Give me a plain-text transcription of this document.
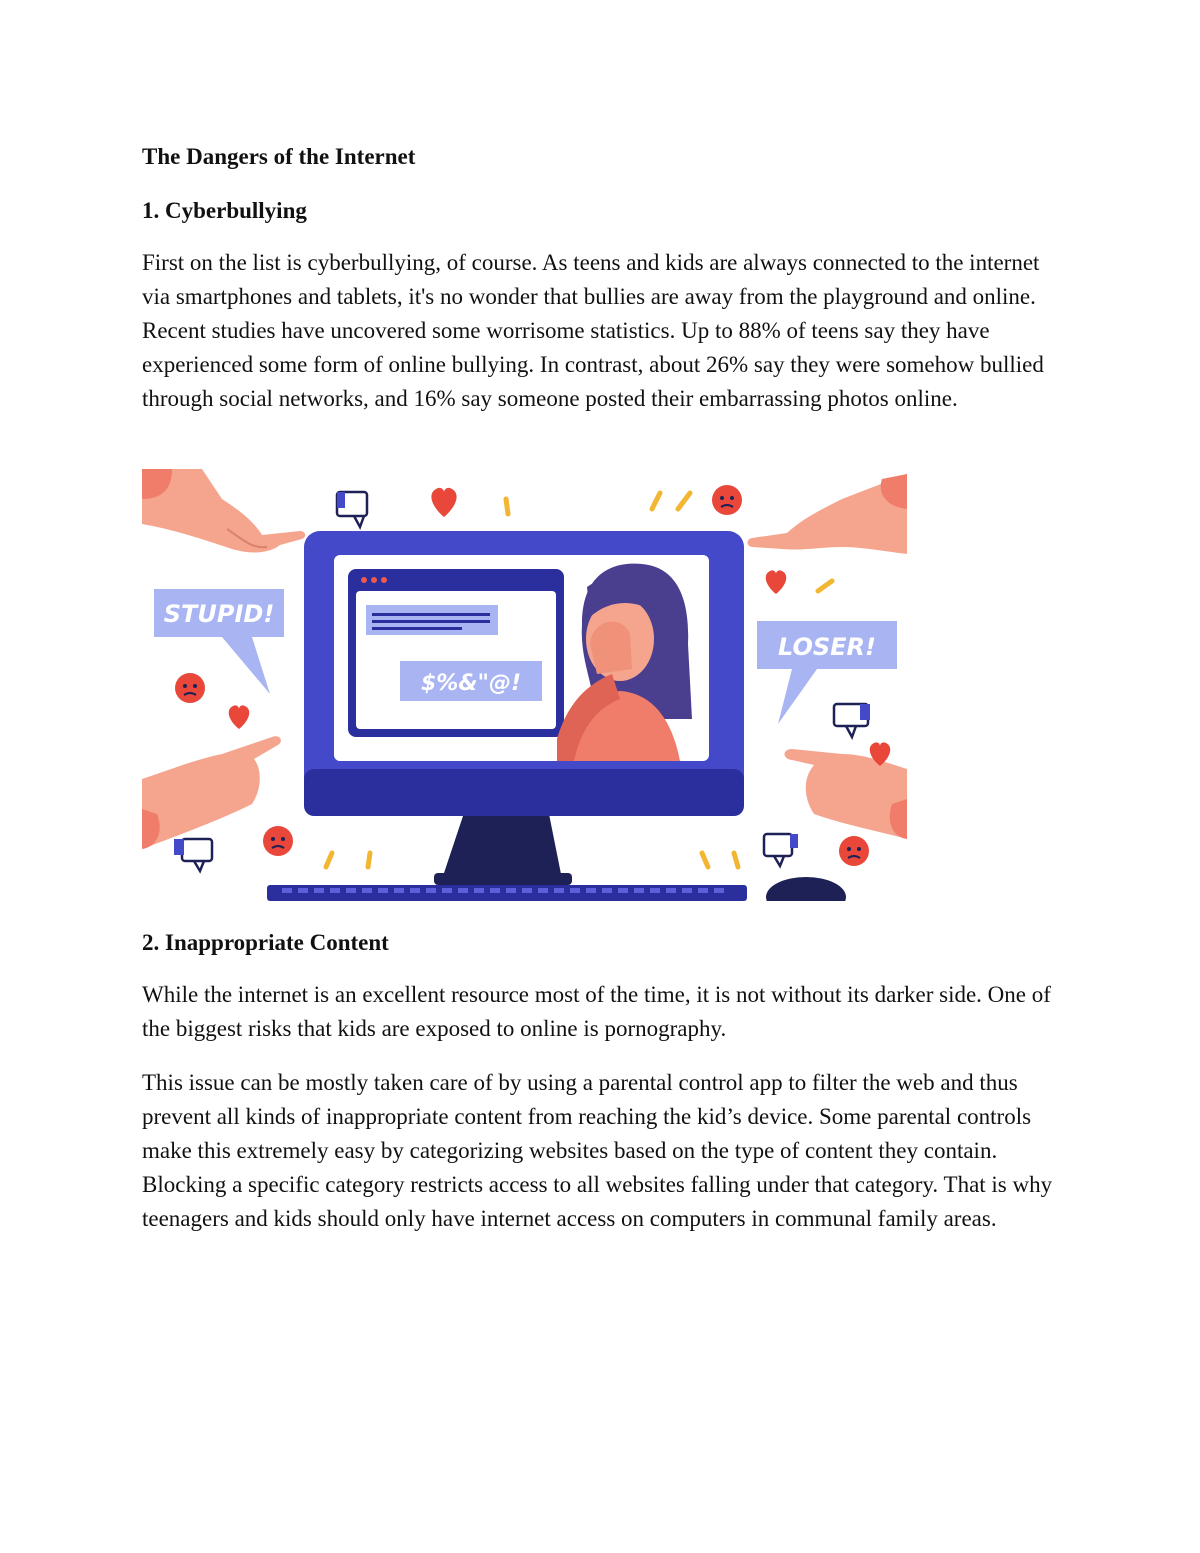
The Dangers of the Internet
1. Cyberbullying

First on the list is cyberbullying, of course. As teens and kids are always connected to the internet via smartphones and tablets, it's no wonder that bullies are away from the playground and online. Recent studies have uncovered some worrisome statistics. Up to 88% of teens say they have experienced some form of online bullying. In contrast, about 26% say they were somehow bullied through social networks, and 16% say someone posted their embarrassing photos online.

$%&"@!
STUPID!
LOSER!
2. Inappropriate Content

While the internet is an excellent resource most of the time, it is not without its darker side. One of the biggest risks that kids are exposed to online is pornography.

This issue can be mostly taken care of by using a parental control app to filter the web and thus prevent all kinds of inappropriate content from reaching the kid’s device. Some parental controls make this extremely easy by categorizing websites based on the type of content they contain. Blocking a specific category restricts access to all websites falling under that category. That is why teenagers and kids should only have internet access on computers in communal family areas.
